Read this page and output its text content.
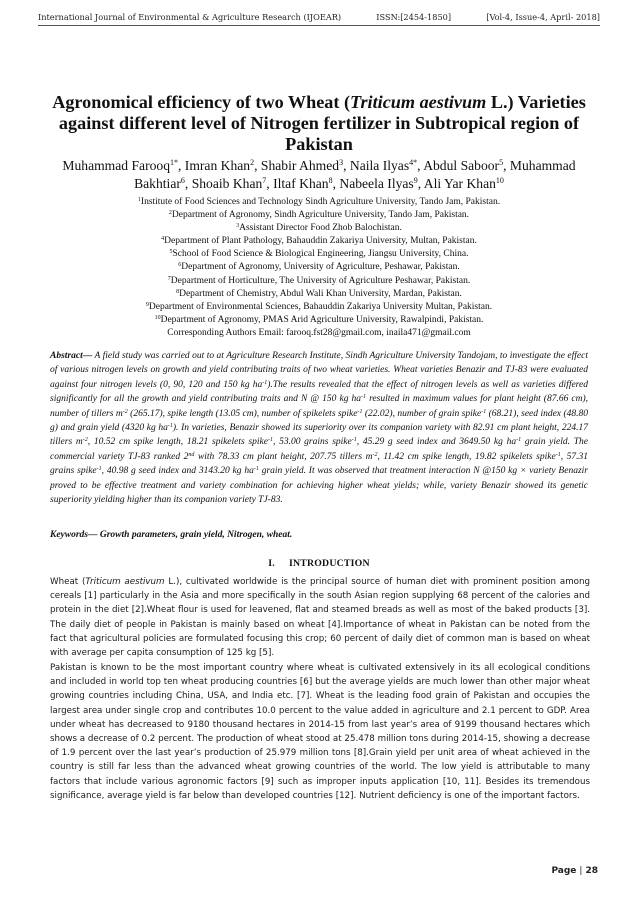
International Journal of Environmental & Agriculture Research (IJOEAR)	ISSN:[2454-1850]	[Vol-4, Issue-4, April- 2018]
Agronomical efficiency of two Wheat (Triticum aestivum L.) Varieties against different level of Nitrogen fertilizer in Subtropical region of Pakistan

Muhammad Farooq$^{1*}$, Imran Khan$^2$, Shabir Ahmed$^3$, Naila Ilyas$^{4*}$, Abdul Saboor$^5$, Muhammad Bakhtiar$^6$, Shoaib Khan$^7$, Iltaf Khan$^8$, Nabeela Ilyas$^9$, Ali Yar Khan$^{10}$

$^1$Institute of Food Sciences and Technology Sindh Agriculture University, Tando Jam, Pakistan.
$^2$Department of Agronomy, Sindh Agriculture University, Tando Jam, Pakistan.
$^3$Assistant Director Food Zhob Balochistan.
$^4$Department of Plant Pathology, Bahauddin Zakariya University, Multan, Pakistan.
$^5$School of Food Science & Biological Engineering, Jiangsu University, China.
$^6$Department of Agronomy, University of Agriculture, Peshawar, Pakistan.
$^7$Department of Horticulture, The University of Agriculture Peshawar, Pakistan.
$^8$Department of Chemistry, Abdul Wali Khan University, Mardan, Pakistan.
$^9$Department of Environmental Sciences, Bahauddin Zakariya University Multan, Pakistan.
$^{10}$Department of Agronomy, PMAS Arid Agriculture University, Rawalpindi, Pakistan.
Corresponding Authors Email: farooq.fst28@gmail.com, inaila471@gmail.com

Abstract— A field study was carried out to at Agriculture Research Institute, Sindh Agriculture University Tandojam, to investigate the effect of various nitrogen levels on growth and yield contributing traits of two wheat varieties. Wheat varieties Benazir and TJ-83 were evaluated against four nitrogen levels (0, 90, 120 and 150 kg $ha^{-1}).The$ results revealed that the effect of nitrogen levels as well as varieties differed significantly for all the growth and yield contributing traits and N @ 150 kg $ha^{-1}$ resulted in maximum values for plant height (87.66 cm), number of tillers $m^{-2}$ (265.17), spike length (13.05 cm), number of spikelets spike$^{-1}$ (22.02), number of grain spike$^{-1}$ (68.21), seed index (48.80 g) and grain yield (4320 kg $ha^{-1}$). In varieties, Benazir showed its superiority over its companion variety with 82.91 cm plant height, 224.17 tillers $m^{-2}$, 10.52 cm spike length, 18.21 spikelets spike$^{-1}$, 53.00 grains spike$^{-1}$, 45.29 g seed index and 3649.50 kg $ha^{-1}$ grain yield. The commercial variety TJ-83 ranked 2nd with 78.33 cm plant height, 207.75 tillers $m^{-2}$, 11.42 cm spike length, 19.82 spikelets spike$^{-1}$, 57.31 grains spike$^{-1}$, 40.98 g seed index and 3143.20 kg $ha^{-1}$ grain yield. It was observed that treatment interaction N @150 kg × variety Benazir proved to be effective treatment and variety combination for achieving higher wheat yields; while, variety Benazir showed its genetic superiority yielding higher than its companion variety TJ-83.

Keywords— Growth parameters, grain yield, Nitrogen, wheat.

I. INTRODUCTION

Wheat (Triticum aestivum L.), cultivated worldwide is the principal source of human diet with prominent position among cereals [1] particularly in the Asia and more specifically in the south Asian region supplying 68 percent of the calories and protein in the diet [2].Wheat flour is used for leavened, flat and steamed breads as well as most of the baked products [3]. The daily diet of people in Pakistan is mainly based on wheat [4].Importance of wheat in Pakistan can be noted from the fact that agricultural policies are formulated focusing this crop; 60 percent of daily diet of common man is based on wheat with average per capita consumption of 125 kg [5].

Pakistan is known to be the most important country where wheat is cultivated extensively in its all ecological conditions and included in world top ten wheat producing countries [6] but the average yields are much lower than other major wheat growing countries including China, USA, and India etc. [7]. Wheat is the leading food grain of Pakistan and occupies the largest area under single crop and contributes 10.0 percent to the value added in agriculture and 2.1 percent to GDP. Area under wheat has decreased to 9180 thousand hectares in 2014-15 from last year’s area of 9199 thousand hectares which shows a decrease of 0.2 percent. The production of wheat stood at 25.478 million tons during 2014-15, showing a decrease of 1.9 percent over the last year’s production of 25.979 million tons [8].Grain yield per unit area of wheat achieved in the country is still far less than the advanced wheat growing countries of the world. The low yield is attributable to many factors that include various agronomic factors [9] such as improper inputs application [10, 11]. Besides its tremendous significance, average yield is far below than developed countries [12]. Nutrient deficiency is one of the important factors.

Page | 28
